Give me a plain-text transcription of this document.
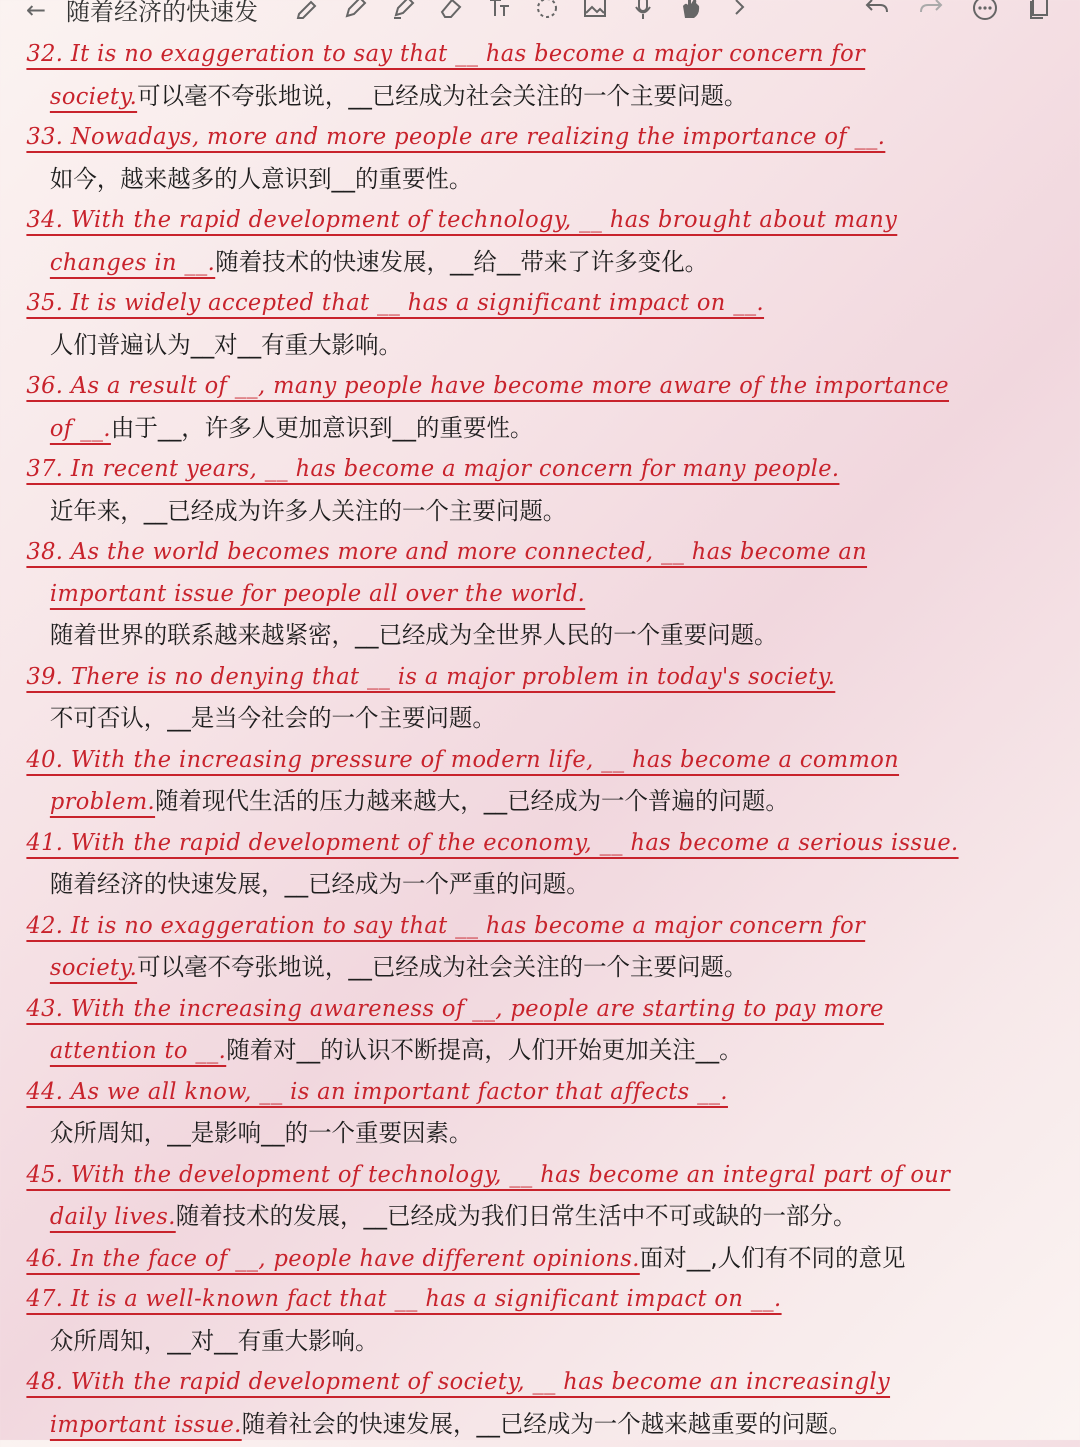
← 随着经济的快速发
32. It is no exaggeration to say that __ has become a major concern for
society.可以毫不夸张地说，__已经成为社会关注的一个主要问题。
33. Nowadays, more and more people are realizing the importance of __.
如今，越来越多的人意识到__的重要性。
34. With the rapid development of technology, __ has brought about many
changes in __.随着技术的快速发展，__给__带来了许多变化。
35. It is widely accepted that __ has a significant impact on __.
人们普遍认为__对__有重大影响。
36. As a result of __, many people have become more aware of the importance
of __.由于__，许多人更加意识到__的重要性。
37. In recent years, __ has become a major concern for many people.
近年来，__已经成为许多人关注的一个主要问题。
38. As the world becomes more and more connected, __ has become an
important issue for people all over the world.
随着世界的联系越来越紧密，__已经成为全世界人民的一个重要问题。
39. There is no denying that __ is a major problem in today's society.
不可否认，__是当今社会的一个主要问题。
40. With the increasing pressure of modern life, __ has become a common
problem.随着现代生活的压力越来越大，__已经成为一个普遍的问题。
41. With the rapid development of the economy, __ has become a serious issue.
随着经济的快速发展，__已经成为一个严重的问题。
42. It is no exaggeration to say that __ has become a major concern for
society.可以毫不夸张地说，__已经成为社会关注的一个主要问题。
43. With the increasing awareness of __, people are starting to pay more
attention to __.随着对__的认识不断提高，人们开始更加关注__。
44. As we all know, __ is an important factor that affects __.
众所周知，__是影响__的一个重要因素。
45. With the development of technology, __ has become an integral part of our
daily lives.随着技术的发展，__已经成为我们日常生活中不可或缺的一部分。
46. In the face of __, people have different opinions.面对__,人们有不同的意见
47. It is a well-known fact that __ has a significant impact on __.
众所周知，__对__有重大影响。
48. With the rapid development of society, __ has become an increasingly
important issue.随着社会的快速发展，__已经成为一个越来越重要的问题。
